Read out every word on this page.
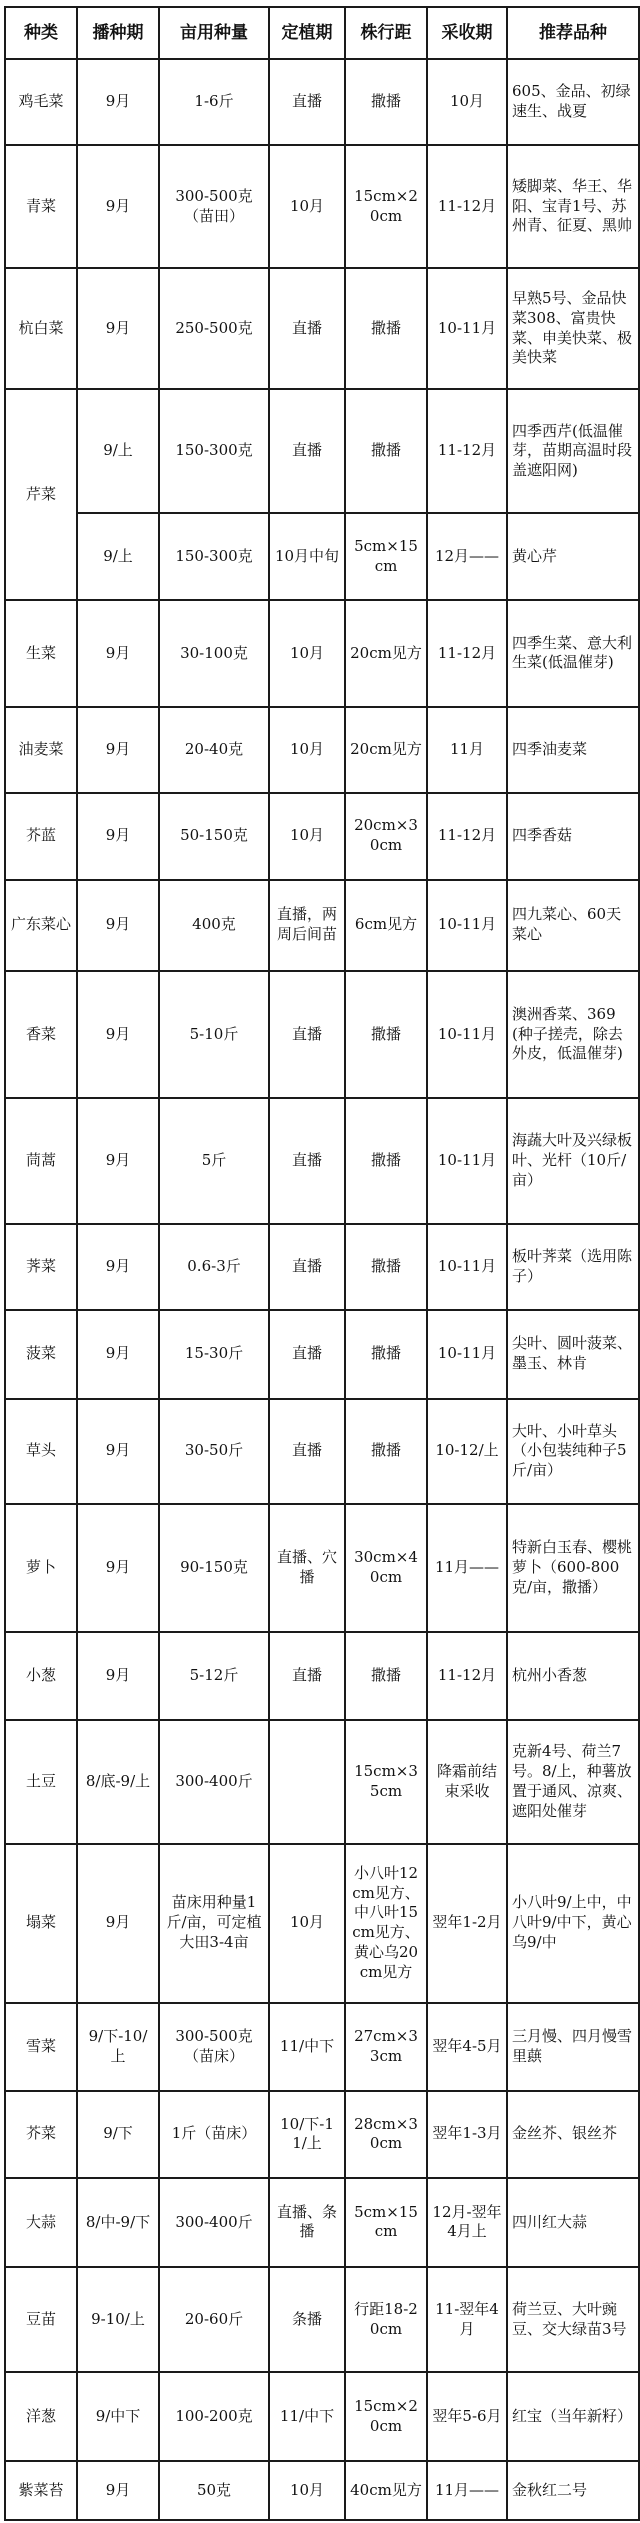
种类	播种期	亩用种量	定植期	株行距	采收期	推荐品种
鸡毛菜	9月	1-6斤	直播	撒播	10月	605、金品、初绿速生、战夏
青菜	9月	300-500克（苗田）	10月	15cm×20cm	11-12月	矮脚菜、华王、华阳、宝青1号、苏州青、征夏、黑帅
杭白菜	9月	250-500克	直播	撒播	10-11月	早熟5号、金品快菜308、富贵快菜、申美快菜、极美快菜
芹菜	9/上	150-300克	直播	撒播	11-12月	四季西芹(低温催芽，苗期高温时段盖遮阳网)
	9/上	150-300克	10月中旬	5cm×15cm	12月——	黄心芹
生菜	9月	30-100克	10月	20cm见方	11-12月	四季生菜、意大利生菜(低温催芽)
油麦菜	9月	20-40克	10月	20cm见方	11月	四季油麦菜
芥蓝	9月	50-150克	10月	20cm×30cm	11-12月	四季香菇
广东菜心	9月	400克	直播，两周后间苗	6cm见方	10-11月	四九菜心、60天菜心
香菜	9月	5-10斤	直播	撒播	10-11月	澳洲香菜、369(种子搓壳，除去外皮，低温催芽)
茼蒿	9月	5斤	直播	撒播	10-11月	海蔬大叶及兴绿板叶、光杆（10斤/亩）
荠菜	9月	0.6-3斤	直播	撒播	10-11月	板叶荠菜（选用陈子）
菠菜	9月	15-30斤	直播	撒播	10-11月	尖叶、圆叶菠菜、墨玉、林肯
草头	9月	30-50斤	直播	撒播	10-12/上	大叶、小叶草头（小包装纯种子5斤/亩）
萝卜	9月	90-150克	直播、穴播	30cm×40cm	11月——	特新白玉春、樱桃萝卜（600-800克/亩，撒播）
小葱	9月	5-12斤	直播	撒播	11-12月	杭州小香葱
土豆	8/底-9/上	300-400斤		15cm×35cm	降霜前结束采收	克新4号、荷兰7号。8/上，种薯放置于通风、凉爽、遮阳处催芽
塌菜	9月	苗床用种量1斤/亩，可定植大田3-4亩	10月	小八叶12cm见方、中八叶15cm见方、黄心乌20cm见方	翌年1-2月	小八叶9/上中，中八叶9/中下，黄心乌9/中
雪菜	9/下-10/上	300-500克（苗床）	11/中下	27cm×33cm	翌年4-5月	三月慢、四月慢雪里蕻
芥菜	9/下	1斤（苗床）	10/下-11/上	28cm×30cm	翌年1-3月	金丝芥、银丝芥
大蒜	8/中-9/下	300-400斤	直播、条播	5cm×15cm	12月-翌年4月上	四川红大蒜
豆苗	9-10/上	20-60斤	条播	行距18-20cm	11-翌年4月	荷兰豆、大叶豌豆、交大绿苗3号
洋葱	9/中下	100-200克	11/中下	15cm×20cm	翌年5-6月	红宝（当年新籽）
紫菜苔	9月	50克	10月	40cm见方	11月——	金秋红二号
